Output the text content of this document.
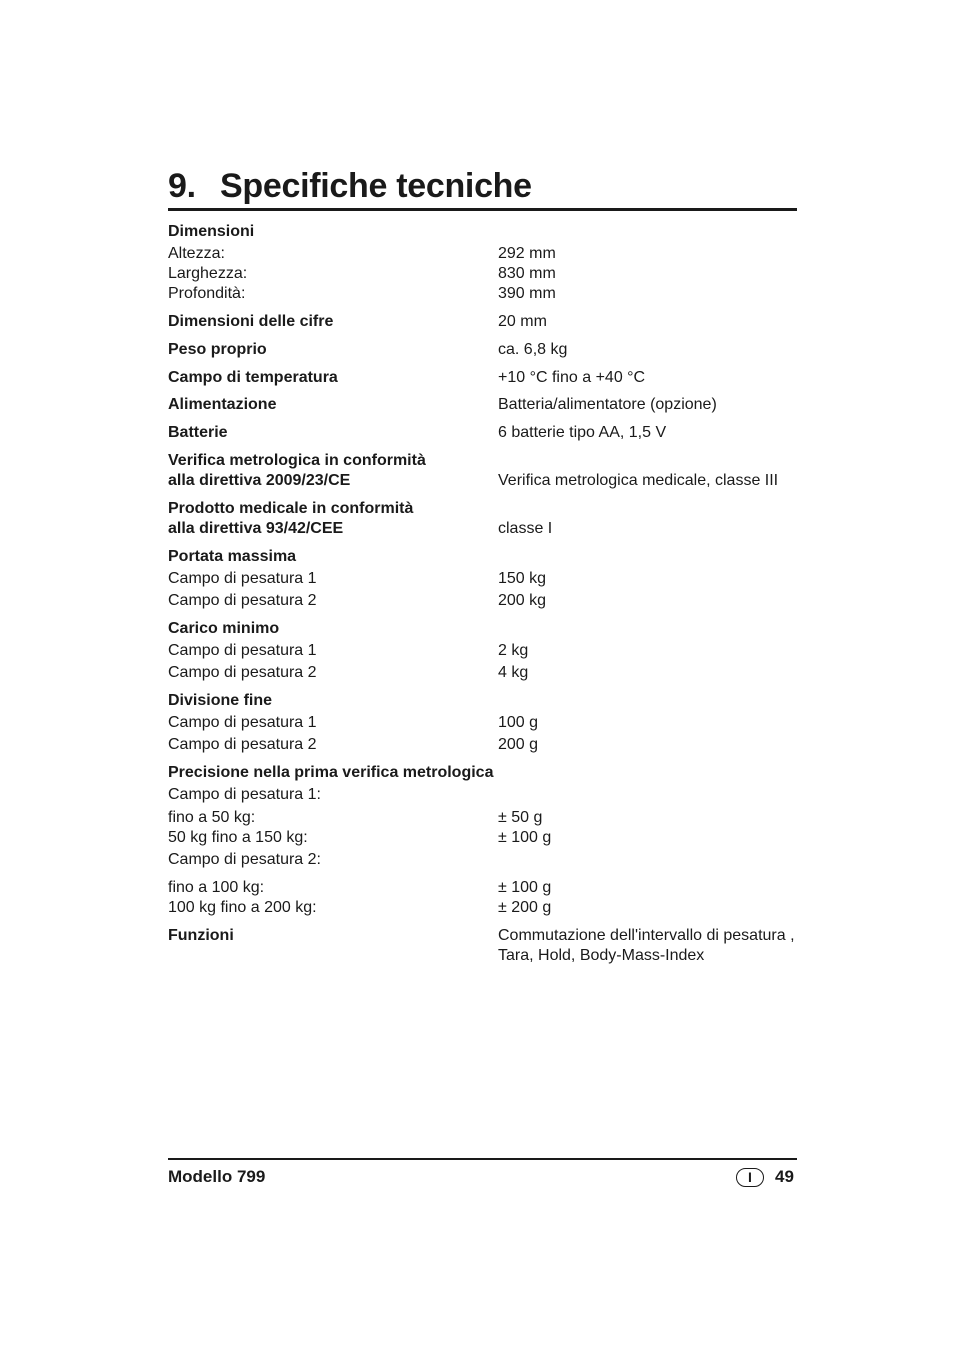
9. Specifiche tecniche
Dimensioni
Altezza:	292 mm
Larghezza:	830 mm
Profondità:	390 mm
Dimensioni delle cifre	20 mm
Peso proprio	ca. 6,8 kg
Campo di temperatura	+10 °C fino a +40 °C
Alimentazione	Batteria/alimentatore (opzione)
Batterie	6 batterie tipo AA, 1,5 V
Verifica metrologica in conformità
alla direttiva 2009/23/CE	Verifica metrologica medicale, classe III
Prodotto medicale in conformità
alla direttiva 93/42/CEE	classe I
Portata massima
Campo di pesatura 1	150 kg
Campo di pesatura 2	200 kg
Carico minimo
Campo di pesatura 1	2 kg
Campo di pesatura 2	4 kg
Divisione fine
Campo di pesatura 1	100 g
Campo di pesatura 2	200 g
Precisione nella prima verifica metrologica
Campo di pesatura 1:
fino a 50 kg:	± 50 g
50 kg fino a 150 kg:	± 100 g
Campo di pesatura 2:
fino a 100 kg:	± 100 g
100 kg fino a 200 kg:	± 200 g
Funzioni	Commutazione dell'intervallo di pesatura ,
Tara, Hold, Body-Mass-Index
Modello 799	I	49
